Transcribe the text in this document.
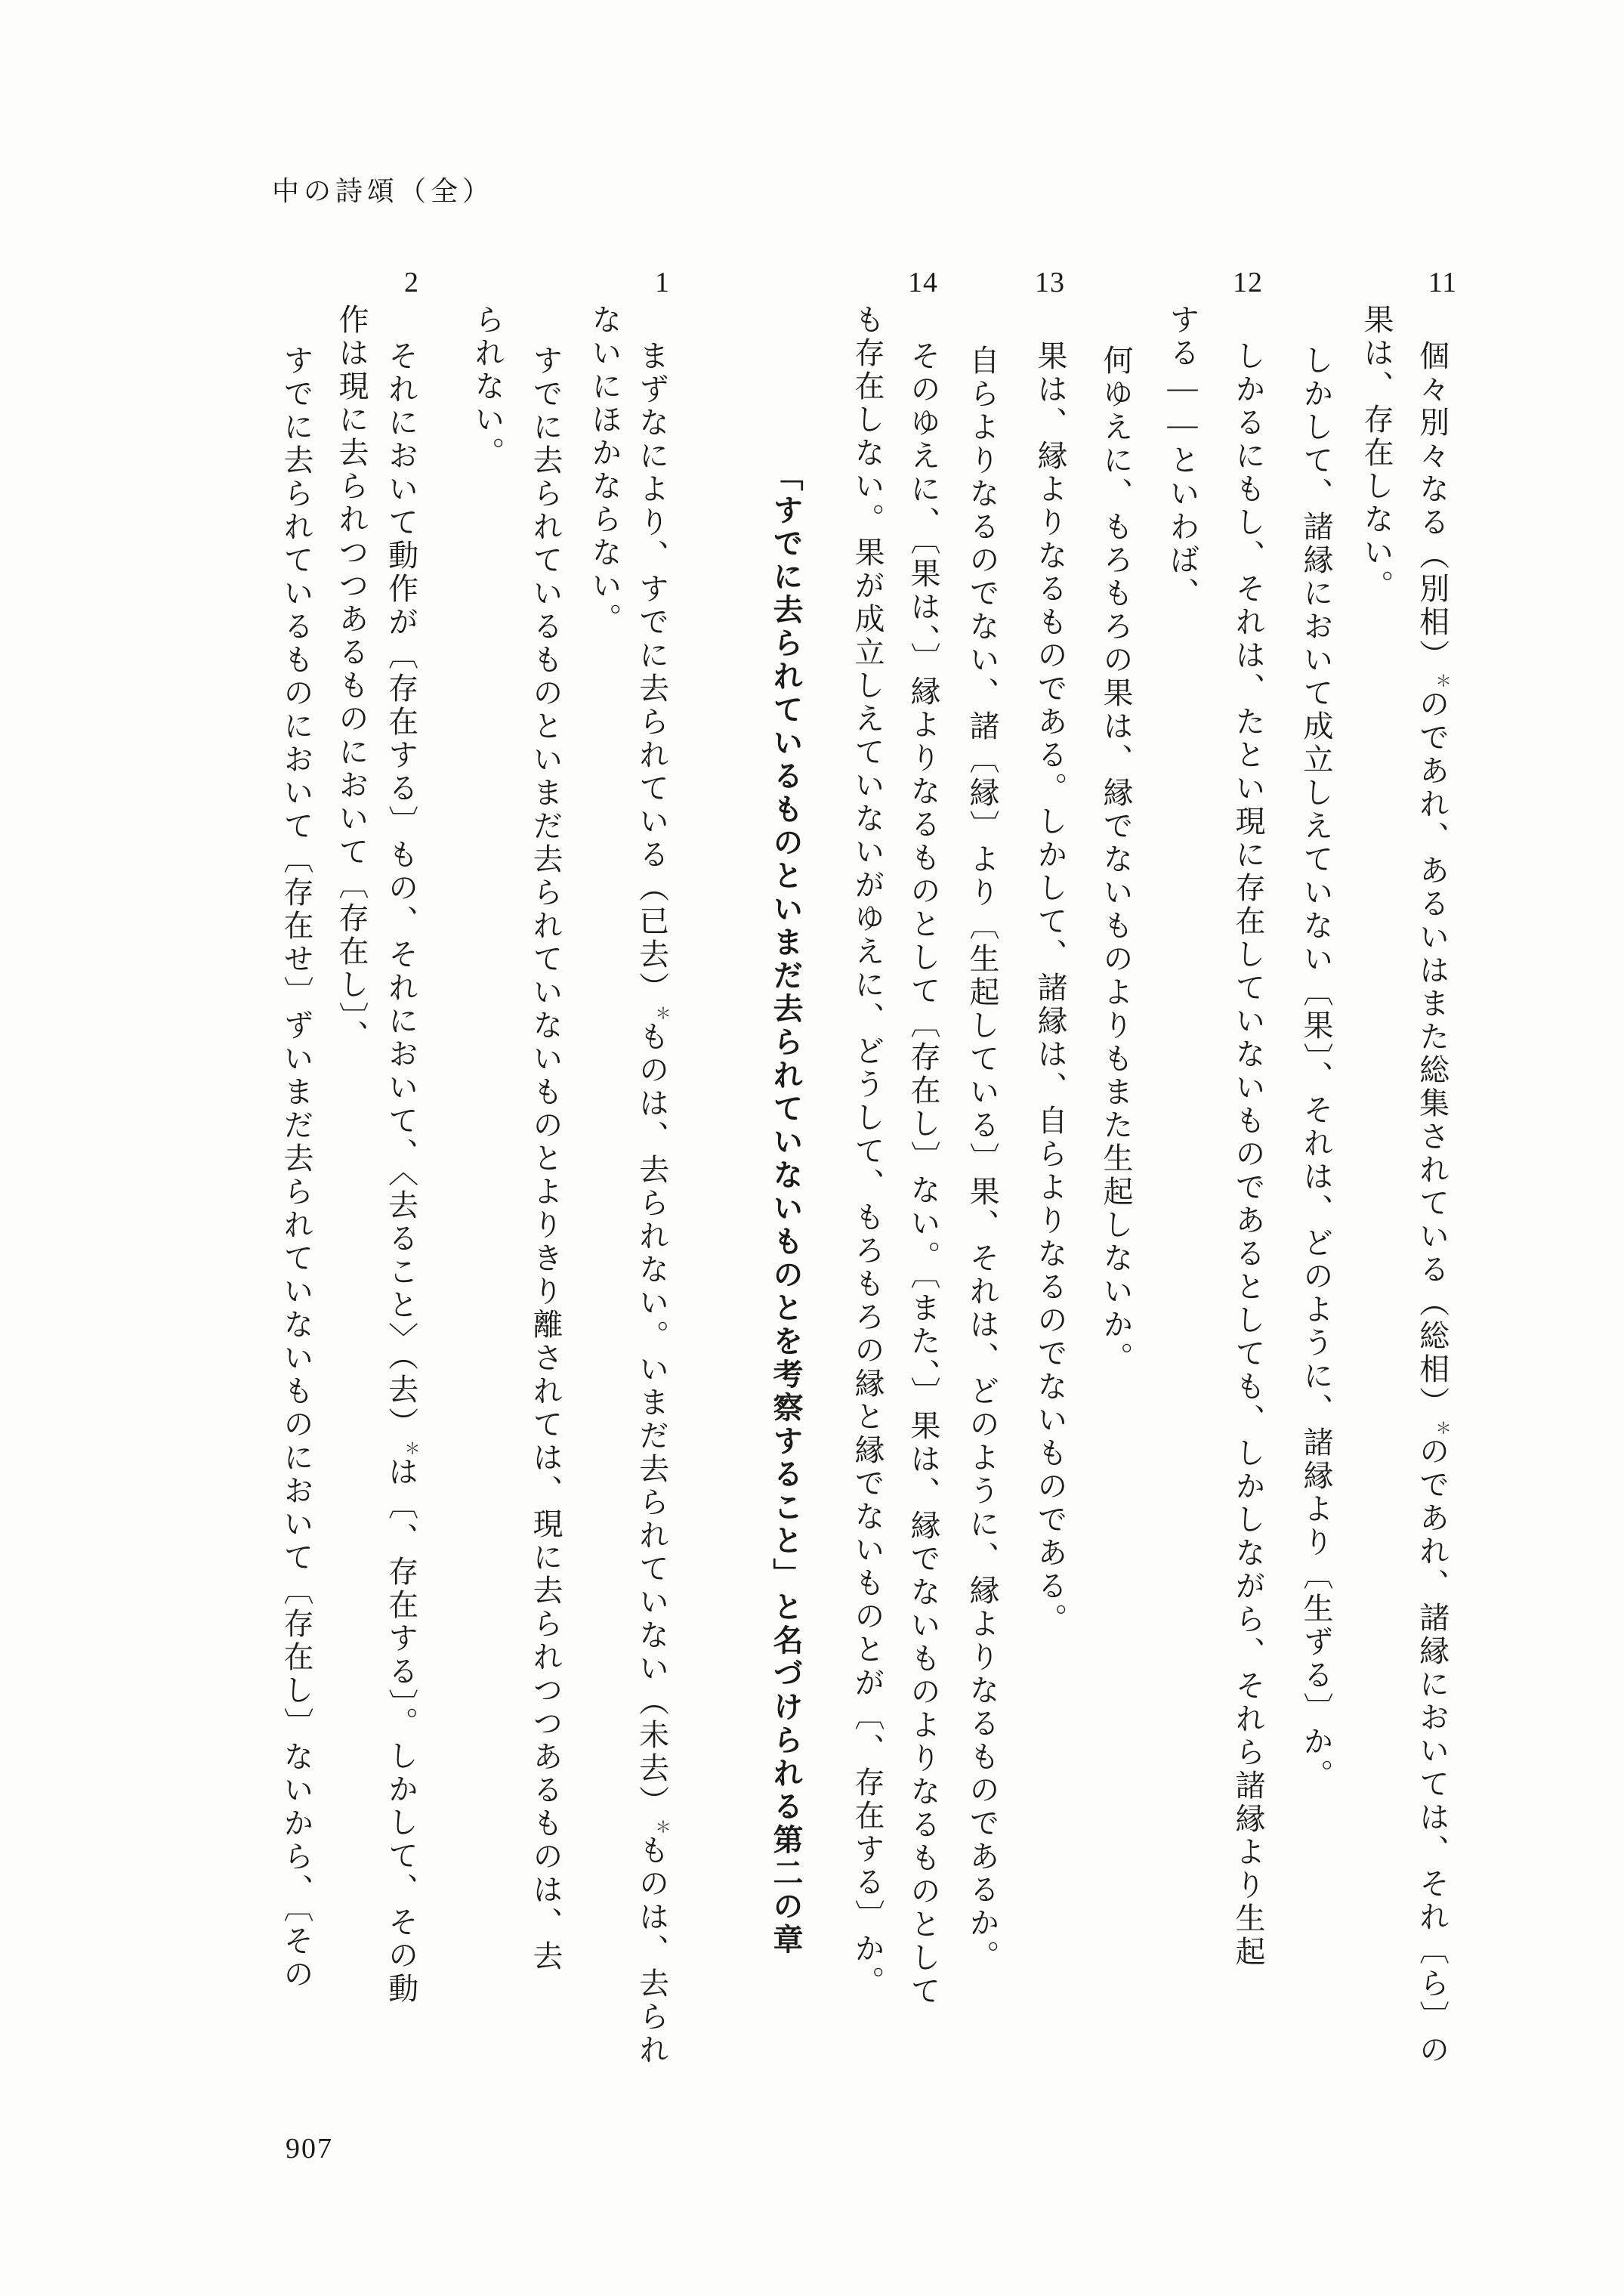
中の詩頌（全）
11
個々別々なる（別相）＊のであれ、あるいはまた総集されている（総相）＊のであれ、諸縁においては、それ〔ら〕の
果は、存在しない。
しかして、諸縁において成立しえていない〔果〕、それは、どのように、諸縁より〔生ずる〕か。
12
しかるにもし、それは、たとい現に存在していないものであるとしても、しかしながら、それら諸縁より生起
する——といわば、
何ゆえに、もろもろの果は、縁でないものよりもまた生起しないか。
13
果は、縁よりなるものである。しかして、諸縁は、自らよりなるのでないものである。
自らよりなるのでない、諸〔縁〕より〔生起している〕果、それは、どのように、縁よりなるものであるか。
14
そのゆえに、〔果は、〕縁よりなるものとして〔存在し〕ない。〔また、〕果は、縁でないものよりなるものとして
も存在しない。果が成立しえていないがゆえに、どうして、もろもろの縁と縁でないものとが〔、存在する〕か。
「すでに去られているものといまだ去られていないものとを考察すること」と名づけられる第二の章
1
まずなにより、すでに去られている（已去）＊ものは、去られない。いまだ去られていない（未去）＊ものは、去られ
ないにほかならない。
すでに去られているものといまだ去られていないものとよりきり離されては、現に去られつつあるものは、去
られない。
2
それにおいて動作が〔存在する〕もの、それにおいて、〈去ること〉（去）＊は〔、存在する〕。しかして、その動
作は現に去られつつあるものにおいて〔存在し〕、
すでに去られているものにおいて〔存在せ〕ずいまだ去られていないものにおいて〔存在し〕ないから、〔その
907
